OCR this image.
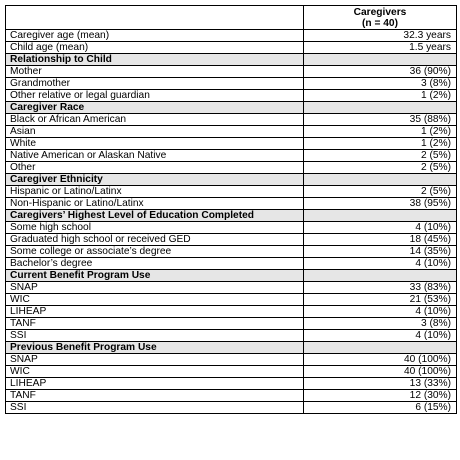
	Caregivers
(n = 40)

Caregiver age (mean)	32.3 years
Child age (mean)	1.5 years
Relationship to Child	
Mother	36 (90%)
Grandmother	3 (8%)
Other relative or legal guardian	1 (2%)
Caregiver Race	
Black or African American	35 (88%)
Asian	1 (2%)
White	1 (2%)
Native American or Alaskan Native	2 (5%)
Other	2 (5%)
Caregiver Ethnicity	
Hispanic or Latino/Latinx	2 (5%)
Non-Hispanic or Latino/Latinx	38 (95%)
Caregivers’ Highest Level of Education Completed	
Some high school	4 (10%)
Graduated high school or received GED	18 (45%)
Some college or associate’s degree	14 (35%)
Bachelor’s degree	4 (10%)
Current Benefit Program Use	
SNAP	33 (83%)
WIC	21 (53%)
LIHEAP	4 (10%)
TANF	3 (8%)
SSI	4 (10%)
Previous Benefit Program Use	
SNAP	40 (100%)
WIC	40 (100%)
LIHEAP	13 (33%)
TANF	12 (30%)
SSI	6 (15%)
